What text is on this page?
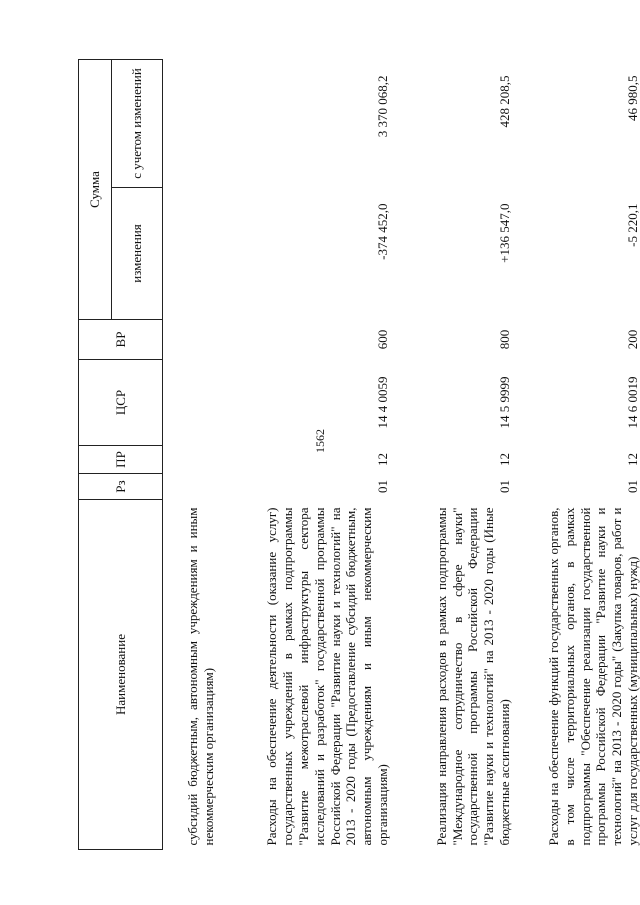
1562
Наименование	Рз	ПР	ЦСР	ВР	Сумма	
					изменения	с учетом изменений
субсидий бюджетным, автономным учреждениям и иным некоммерческим организациям)						
Расходы на обеспечение деятельности (оказание услуг) государственных учреждений в рамках подпрограммы "Развитие межотраслевой инфраструктуры сектора исследований и разработок" государственной программы Российской Федерации "Развитие науки и технологий" на 2013 - 2020 годы (Предоставление субсидий бюджетным, автономным учреждениям и иным некоммерческим организациям)	01	12	14 4 0059	600	-374 452,0	3 370 068,2
Реализация направления расходов в рамках подпрограммы "Международное сотрудничество в сфере науки" государственной программы Российской Федерации "Развитие науки и технологий" на 2013 - 2020 годы (Иные бюджетные ассигнования)	01	12	14 5 9999	800	+136 547,0	428 208,5
Расходы на обеспечение функций государственных органов, в том числе территориальных органов, в рамках подпрограммы "Обеспечение реализации государственной программы Российской Федерации "Развитие науки и технологий" на 2013 - 2020 годы" (Закупка товаров, работ и услуг для государственных (муниципальных) нужд)	01	12	14 6 0019	200	-5 220,1	46 980,5
